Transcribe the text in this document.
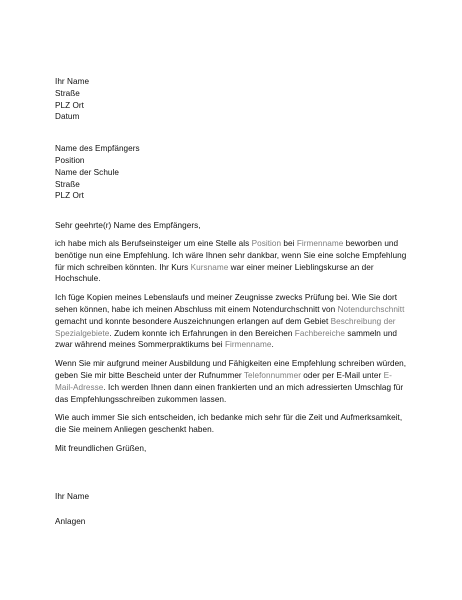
Ihr Name
Straße
PLZ Ort
Datum
Name des Empfängers
Position
Name der Schule
Straße
PLZ Ort

Sehr geehrte(r) Name des Empfängers,

ich habe mich als Berufseinsteiger um eine Stelle als Position bei Firmenname beworben und benötige nun eine Empfehlung. Ich wäre Ihnen sehr dankbar, wenn Sie eine solche Empfehlung für mich schreiben könnten. Ihr Kurs Kursname war einer meiner Lieblingskurse an der Hochschule.

Ich füge Kopien meines Lebenslaufs und meiner Zeugnisse zwecks Prüfung bei. Wie Sie dort sehen können, habe ich meinen Abschluss mit einem Notendurchschnitt von Notendurchschnitt gemacht und konnte besondere Auszeichnungen erlangen auf dem Gebiet Beschreibung der Spezialgebiete. Zudem konnte ich Erfahrungen in den Bereichen Fachbereiche sammeln und zwar während meines Sommerpraktikums bei Firmenname.

Wenn Sie mir aufgrund meiner Ausbildung und Fähigkeiten eine Empfehlung schreiben würden, geben Sie mir bitte Bescheid unter der Rufnummer Telefonnummer oder per E-Mail unter E-Mail-Adresse. Ich werden Ihnen dann einen frankierten und an mich adressierten Umschlag für das Empfehlungsschreiben zukommen lassen.

Wie auch immer Sie sich entscheiden, ich bedanke mich sehr für die Zeit und Aufmerksamkeit, die Sie meinem Anliegen geschenkt haben.

Mit freundlichen Grüßen,

Ihr Name

Anlagen
